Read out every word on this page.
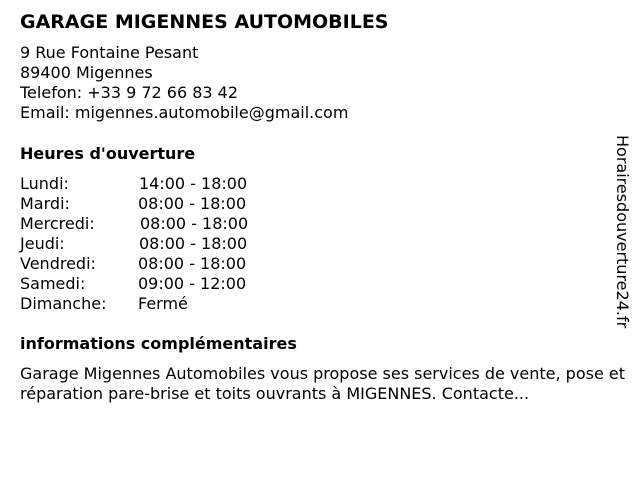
GARAGE MIGENNES AUTOMOBILES
9 Rue Fontaine Pesant
89400 Migennes
Telefon: +33 9 72 66 83 42
Email: migennes.automobile@gmail.com
Heures d'ouverture
Lundi:	14:00 - 18:00
Mardi:	08:00 - 18:00
Mercredi:	08:00 - 18:00
Jeudi:	08:00 - 18:00
Vendredi:	08:00 - 18:00
Samedi:	09:00 - 12:00
Dimanche: Fermé
informations complémentaires
Garage Migennes Automobiles vous propose ses services de vente, pose et réparation pare-brise et toits ouvrants à MIGENNES. Contacte...
Horairesdouverture24.fr
